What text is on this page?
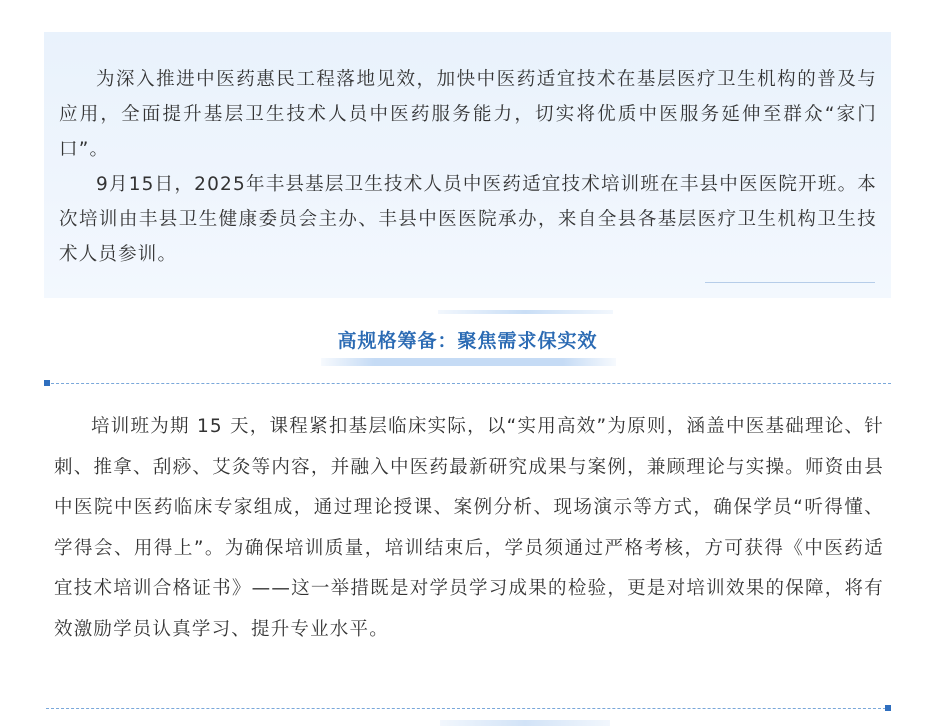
为深入推进中医药惠民工程落地见效，加快中医药适宜技术在基层医疗卫生机构的普及与应用，全面提升基层卫生技术人员中医药服务能力，切实将优质中医服务延伸至群众“家门口”。

9月15日，2025年丰县基层卫生技术人员中医药适宜技术培训班在丰县中医医院开班。本次培训由丰县卫生健康委员会主办、丰县中医医院承办，来自全县各基层医疗卫生机构卫生技术人员参训。

高规格筹备：聚焦需求保实效

培训班为期 15 天，课程紧扣基层临床实际，以“实用高效”为原则，涵盖中医基础理论、针刺、推拿、刮痧、艾灸等内容，并融入中医药最新研究成果与案例，兼顾理论与实操。师资由县中医院中医药临床专家组成，通过理论授课、案例分析、现场演示等方式，确保学员“听得懂、学得会、用得上”。为确保培训质量，培训结束后，学员须通过严格考核，方可获得《中医药适宜技术培训合格证书》——这一举措既是对学员学习成果的检验，更是对培训效果的保障，将有效激励学员认真学习、提升专业水平。
